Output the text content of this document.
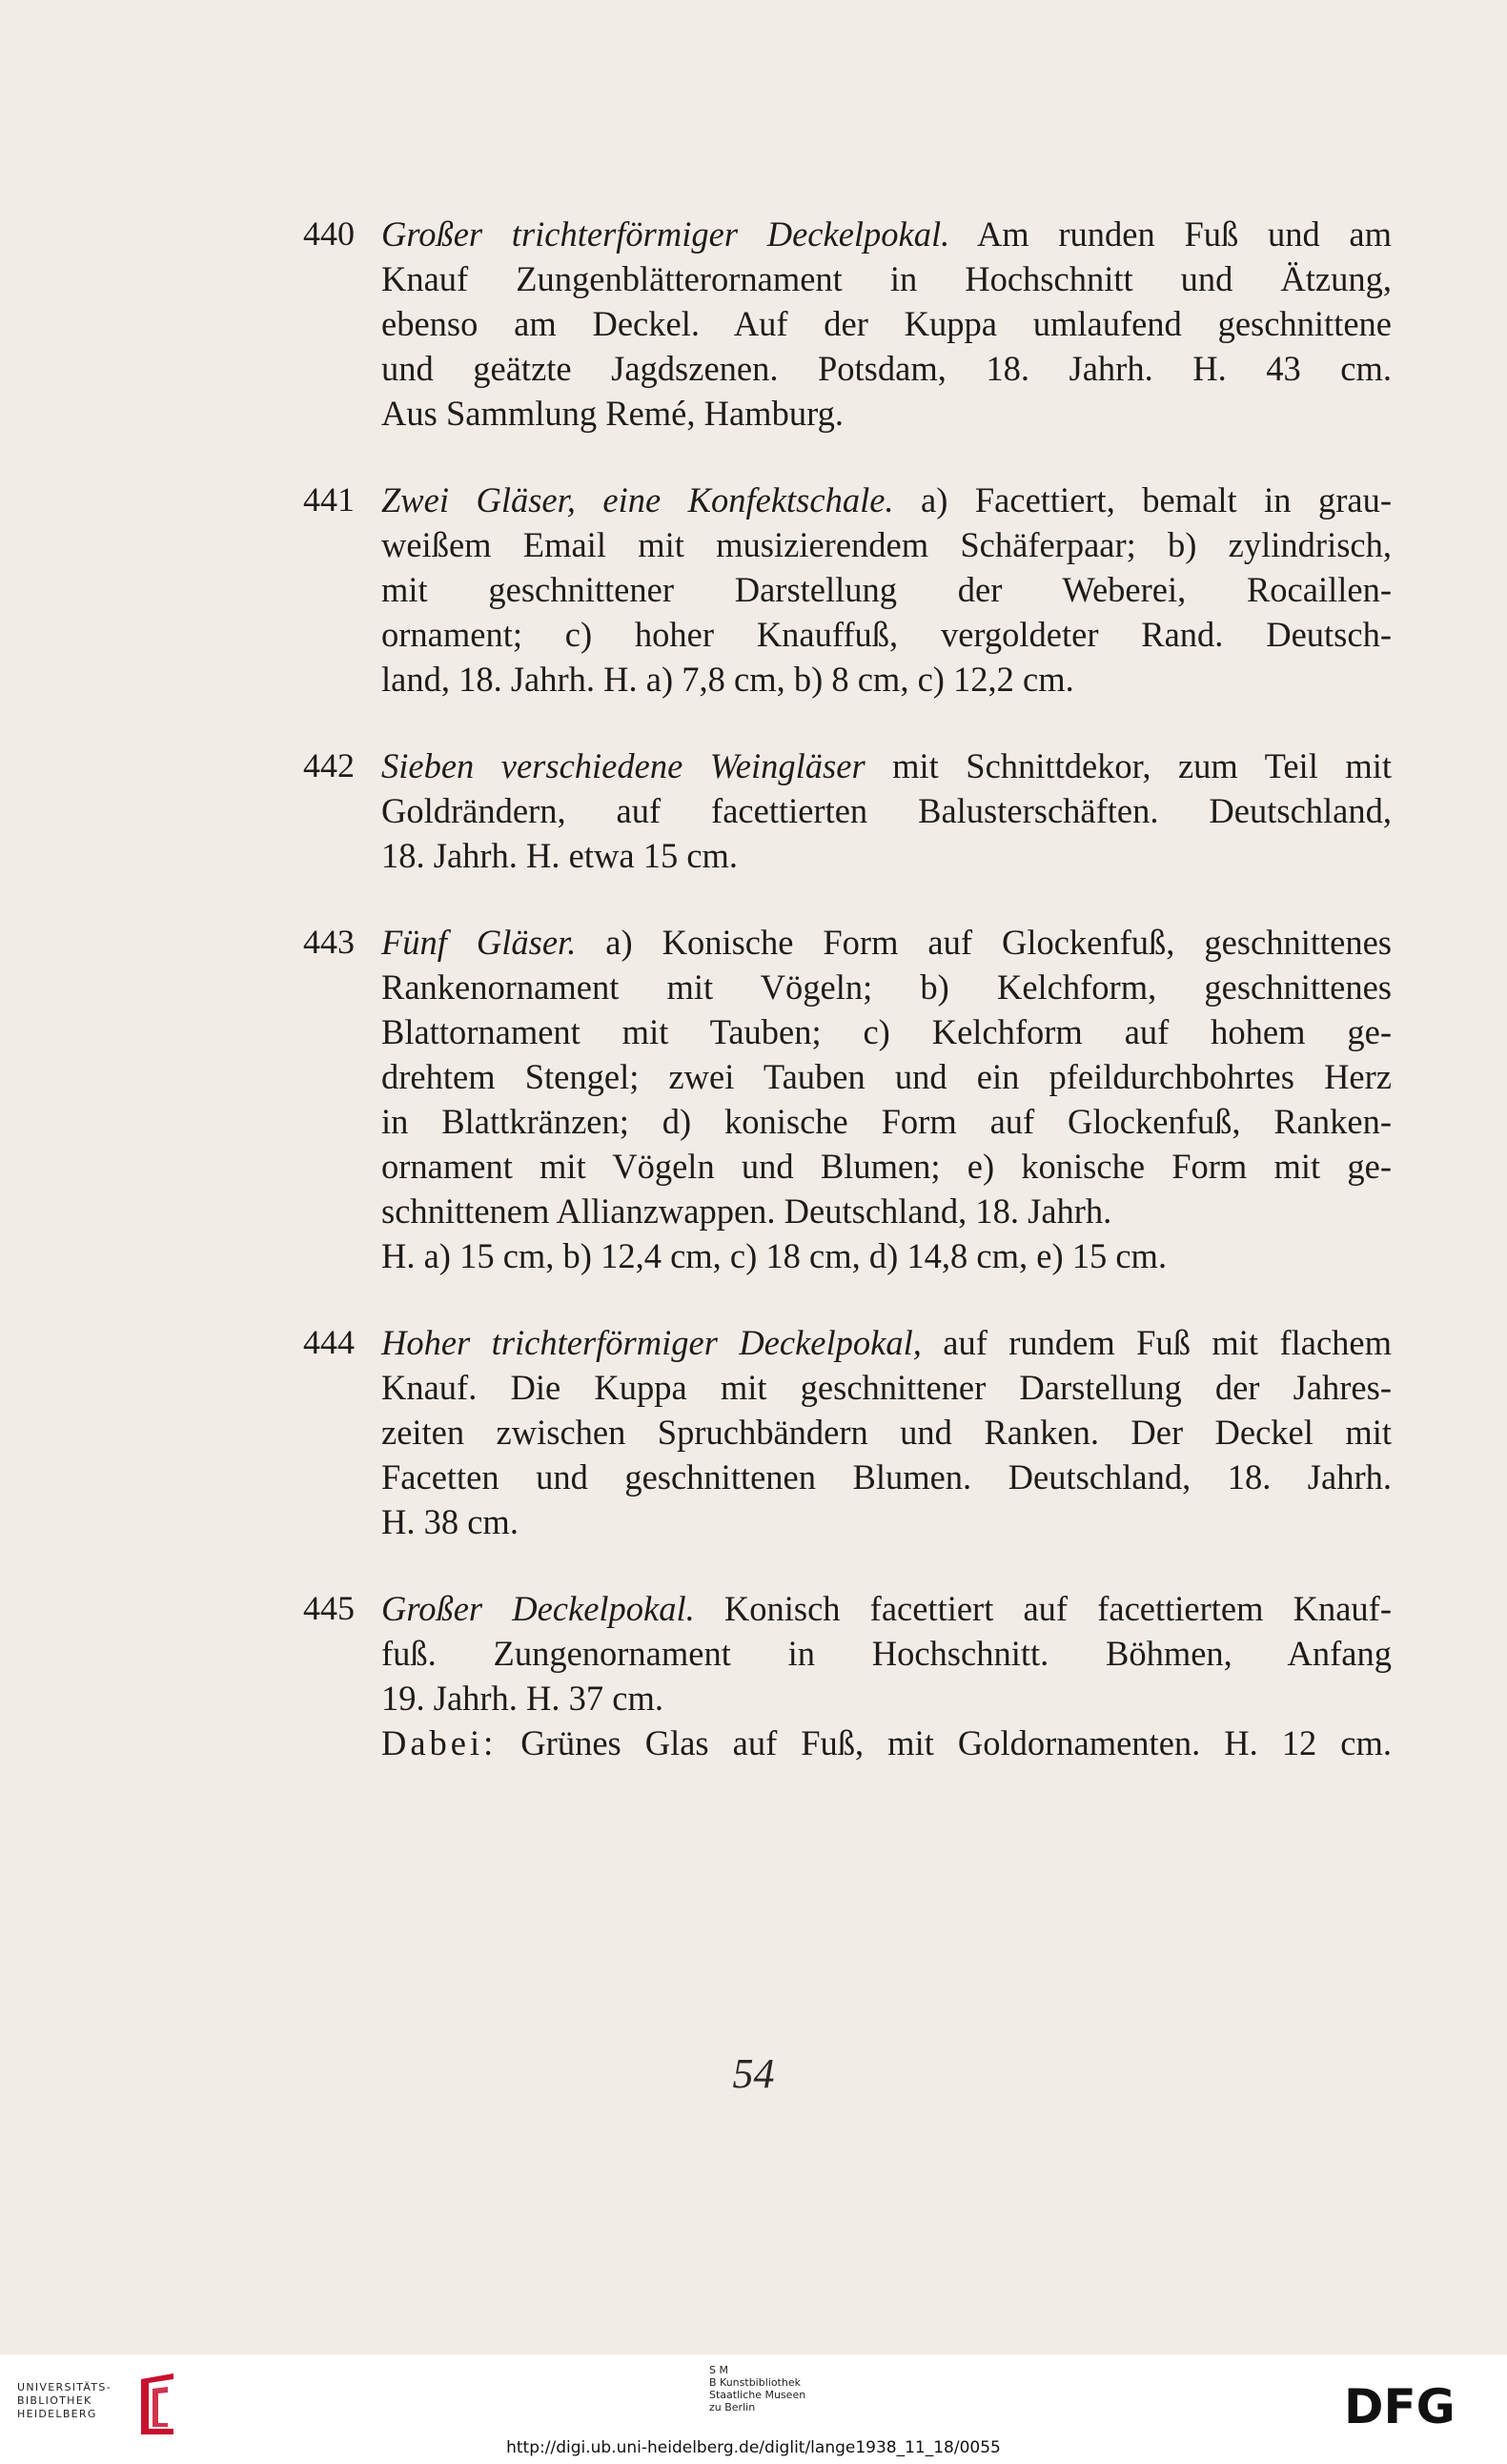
440 Großer trichterförmiger Deckelpokal. Am runden Fuß und am
Knauf Zungenblätterornament in Hochschnitt und Ätzung,
ebenso am Deckel. Auf der Kuppa umlaufend geschnittene
und geätzte Jagdszenen. Potsdam, 18. Jahrh. H. 43 cm.
Aus Sammlung Remé, Hamburg.
441 Zwei Gläser, eine Konfektschale. a) Facettiert, bemalt in grau-
weißem Email mit musizierendem Schäferpaar; b) zylindrisch,
mit geschnittener Darstellung der Weberei, Rocaillen-
ornament; c) hoher Knauffuß, vergoldeter Rand. Deutsch-
land, 18. Jahrh. H. a) 7,8 cm, b) 8 cm, c) 12,2 cm.
442 Sieben verschiedene Weingläser mit Schnittdekor, zum Teil mit
Goldrändern, auf facettierten Balusterschäften. Deutschland,
18. Jahrh. H. etwa 15 cm.
443 Fünf Gläser. a) Konische Form auf Glockenfuß, geschnittenes
Rankenornament mit Vögeln; b) Kelchform, geschnittenes
Blattornament mit Tauben; c) Kelchform auf hohem ge-
drehtem Stengel; zwei Tauben und ein pfeildurchbohrtes Herz
in Blattkränzen; d) konische Form auf Glockenfuß, Ranken-
ornament mit Vögeln und Blumen; e) konische Form mit ge-
schnittenem Allianzwappen. Deutschland, 18. Jahrh.
H. a) 15 cm, b) 12,4 cm, c) 18 cm, d) 14,8 cm, e) 15 cm.
444 Hoher trichterförmiger Deckelpokal, auf rundem Fuß mit flachem
Knauf. Die Kuppa mit geschnittener Darstellung der Jahres-
zeiten zwischen Spruchbändern und Ranken. Der Deckel mit
Facetten und geschnittenen Blumen. Deutschland, 18. Jahrh.
H. 38 cm.
445 Großer Deckelpokal. Konisch facettiert auf facettiertem Knauf-
fuß. Zungenornament in Hochschnitt. Böhmen, Anfang
19. Jahrh. H. 37 cm.
Dabei: Grünes Glas auf Fuß, mit Goldornamenten. H. 12 cm.
54
UNIVERSITÄTS-
BIBLIOTHEK
HEIDELBERG
S M
B Kunstbibliothek
Staatliche Museen
zu Berlin	DFG
http://digi.ub.uni-heidelberg.de/diglit/lange1938_11_18/0055
